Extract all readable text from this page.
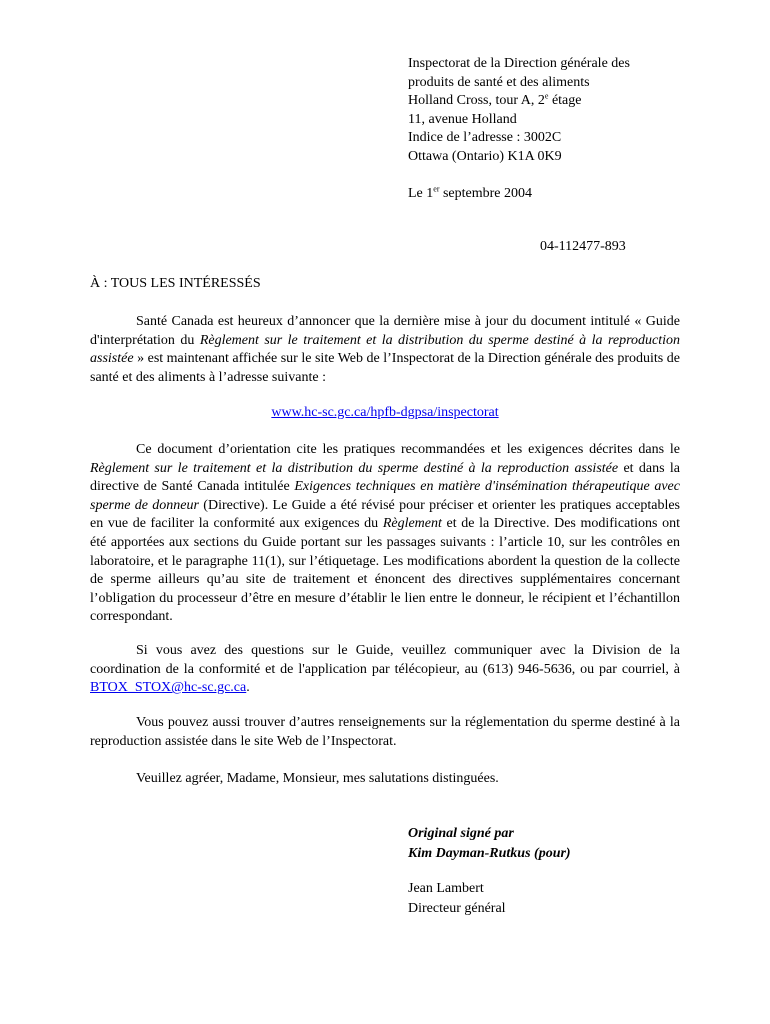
Inspectorat de la Direction générale des
produits de santé et des aliments
Holland Cross, tour A, 2e étage
11, avenue Holland
Indice de l’adresse : 3002C
Ottawa (Ontario) K1A 0K9
Le 1er septembre 2004
04-112477-893
À : TOUS LES INTÉRESSÉS

Santé Canada est heureux d’annoncer que la dernière mise à jour du document intitulé « Guide d'interprétation du Règlement sur le traitement et la distribution du sperme destiné à la reproduction assistée » est maintenant affichée sur le site Web de l’Inspectorat de la Direction générale des produits de santé et des aliments à l’adresse suivante :

www.hc-sc.gc.ca/hpfb-dgpsa/inspectorat

Ce document d’orientation cite les pratiques recommandées et les exigences décrites dans le Règlement sur le traitement et la distribution du sperme destiné à la reproduction assistée et dans la directive de Santé Canada intitulée Exigences techniques en matière d'insémination thérapeutique avec sperme de donneur (Directive). Le Guide a été révisé pour préciser et orienter les pratiques acceptables en vue de faciliter la conformité aux exigences du Règlement et de la Directive. Des modifications ont été apportées aux sections du Guide portant sur les passages suivants : l’article 10, sur les contrôles en laboratoire, et le paragraphe 11(1), sur l’étiquetage. Les modifications abordent la question de la collecte de sperme ailleurs qu’au site de traitement et énoncent des directives supplémentaires concernant l’obligation du processeur d’être en mesure d’établir le lien entre le donneur, le récipient et l’échantillon correspondant.

Si vous avez des questions sur le Guide, veuillez communiquer avec la Division de la coordination de la conformité et de l'application par télécopieur, au (613) 946-5636, ou par courriel, à BTOX_STOX@hc-sc.gc.ca.

Vous pouvez aussi trouver d’autres renseignements sur la réglementation du sperme destiné à la reproduction assistée dans le site Web de l’Inspectorat.

Veuillez agréer, Madame, Monsieur, mes salutations distinguées.

Original signé par
Kim Dayman-Rutkus (pour)
Jean Lambert
Directeur général
